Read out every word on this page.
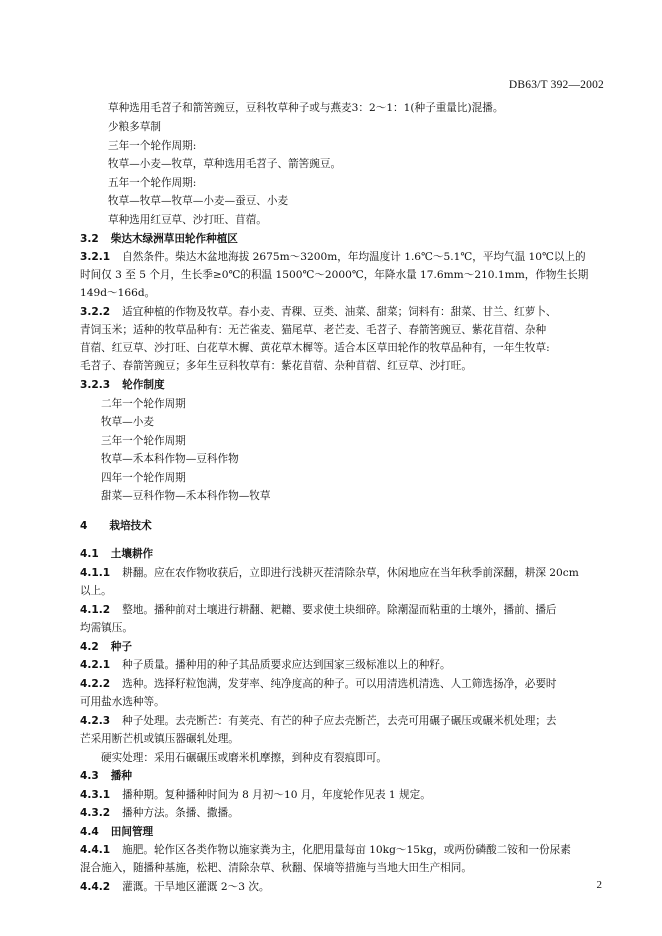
DB63/T 392—2002
草种选用毛苕子和箭筈豌豆，豆科牧草种子或与燕麦3：2～1：1(种子重量比)混播。
少粮多草制
三年一个轮作周期:
牧草—小麦—牧草，草种选用毛苕子、箭筈豌豆。
五年一个轮作周期:
牧草—牧草—牧草—小麦—蚕豆、小麦
草种选用红豆草、沙打旺、苜蓿。
3.2 柴达木绿洲草田轮作种植区
3.2.1 自然条件。柴达木盆地海拔 2675m～3200m，年均温度计 1.6℃～5.1℃，平均气温 10℃以上的
时间仅 3 至 5 个月，生长季≥0℃的积温 1500℃～2000℃，年降水量 17.6mm～210.1mm，作物生长期
149d～166d。
3.2.2 适宜种植的作物及牧草。春小麦、青稞、豆类、油菜、甜菜；饲料有：甜菜、甘兰、红萝卜、
青饲玉米；适种的牧草品种有：无芒雀麦、猫尾草、老芒麦、毛苕子、春箭筈豌豆、紫花苜蓿、杂种
苜蓿、红豆草、沙打旺、白花草木樨、黄花草木樨等。适合本区草田轮作的牧草品种有，一年生牧草:
毛苕子、春箭筈豌豆；多年生豆科牧草有：紫花苜蓿、杂种苜蓿、红豆草、沙打旺。
3.2.3 轮作制度
二年一个轮作周期
牧草—小麦
三年一个轮作周期
牧草—禾本科作物—豆科作物
四年一个轮作周期
甜菜—豆科作物—禾本科作物—牧草
4 栽培技术
4.1 土壤耕作
4.1.1 耕翻。应在农作物收获后，立即进行浅耕灭茬清除杂草，休闲地应在当年秋季前深翻，耕深 20cm
以上。
4.1.2 整地。播种前对土壤进行耕翻、耙耱、要求使土块细碎。除潮湿而粘重的土壤外，播前、播后
均需镇压。
4.2 种子
4.2.1 种子质量。播种用的种子其品质要求应达到国家三级标准以上的种籽。
4.2.2 选种。选择籽粒饱满，发芽率、纯净度高的种子。可以用清选机清选、人工筛选扬净，必要时
可用盐水选种等。
4.2.3 种子处理。去壳断芒：有荚壳、有芒的种子应去壳断芒，去壳可用碾子碾压或碾米机处理；去
芒采用断芒机或镇压器碾轧处理。
硬实处理：采用石碾碾压或磨米机摩擦，到种皮有裂痕即可。
4.3 播种
4.3.1 播种期。复种播种时间为 8 月初～10 月，年度轮作见表 1 规定。
4.3.2 播种方法。条播、撒播。
4.4 田间管理
4.4.1 施肥。轮作区各类作物以施家粪为主，化肥用量每亩 10kg～15kg，或两份磷酸二铵和一份尿素
混合施入，随播种基施，松耙、清除杂草、秋翻、保墒等措施与当地大田生产相同。
4.4.2 灌溉。干旱地区灌溉 2～3 次。	2
